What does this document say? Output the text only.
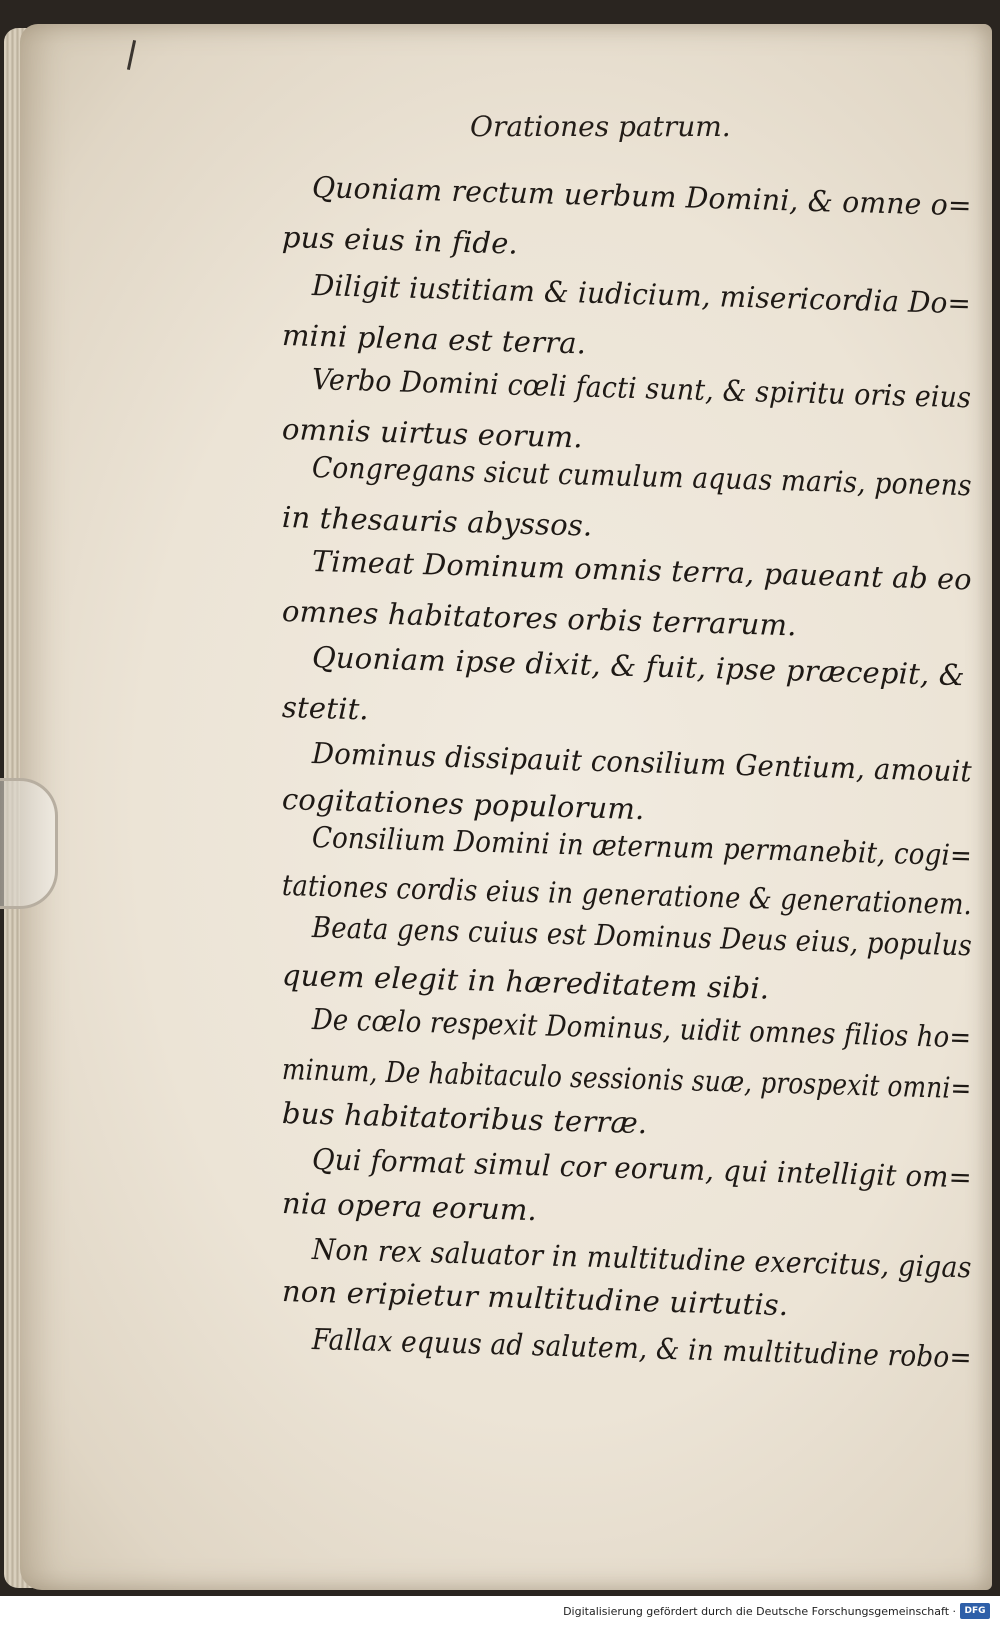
Orationes patrum.
Quoniam rectum uerbum Domini, & omne o=
pus eius in fide.
Diligit iustitiam & iudicium, misericordia Do=
mini plena est terra.
Verbo Domini cœli facti sunt, & spiritu oris eius
omnis uirtus eorum.
Congregans sicut cumulum aquas maris, ponens
in thesauris abyssos.
Timeat Dominum omnis terra, paueant ab eo
omnes habitatores orbis terrarum.
Quoniam ipse dixit, & fuit, ipse præcepit, &
stetit.
Dominus dissipauit consilium Gentium, amouit
cogitationes populorum.
Consilium Domini in æternum permanebit, cogi=
tationes cordis eius in generatione & generationem.
Beata gens cuius est Dominus Deus eius, populus
quem elegit in hæreditatem sibi.
De cœlo respexit Dominus, uidit omnes filios ho=
minum, De habitaculo sessionis suæ, prospexit omni=
bus habitatoribus terræ.
Qui format simul cor eorum, qui intelligit om=
nia opera eorum.
Non rex saluator in multitudine exercitus, gigas
non eripietur multitudine uirtutis.
Fallax equus ad salutem, & in multitudine robo=
Digitalisierung gefördert durch die Deutsche Forschungsgemeinschaft · DFG
